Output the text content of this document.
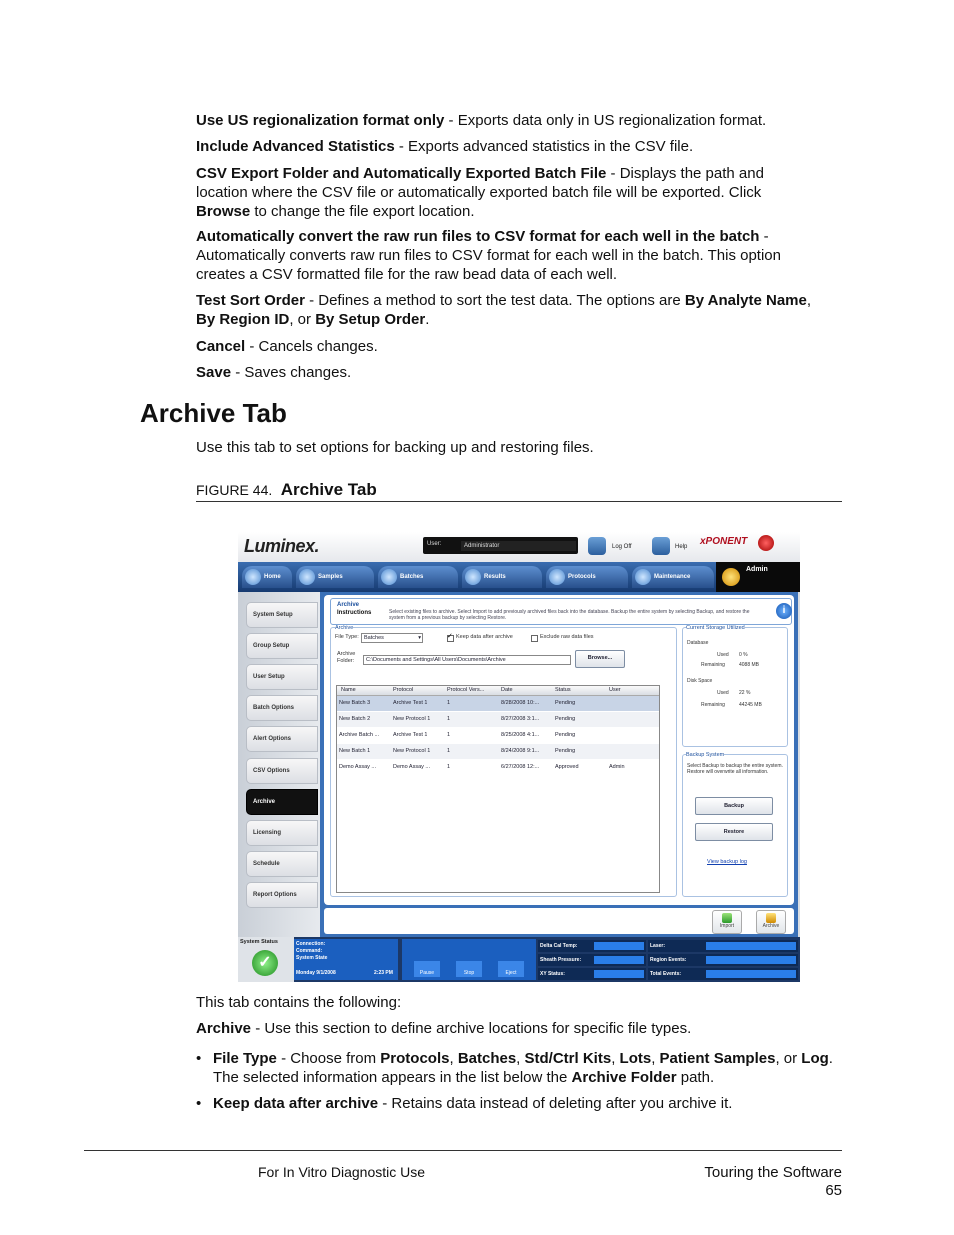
Use US regionalization format only - Exports data only in US regionalization format.

Include Advanced Statistics - Exports advanced statistics in the CSV file.

CSV Export Folder and Automatically Exported Batch File - Displays the path and location where the CSV file or automatically exported batch file will be exported. Click Browse to change the file export location.

Automatically convert the raw run files to CSV format for each well in the batch - Automatically converts raw run files to CSV format for each well in the batch. This option creates a CSV formatted file for the raw bead data of each well.

Test Sort Order - Defines a method to sort the test data. The options are By Analyte Name,
By Region ID, or By Setup Order.

Cancel - Cancels changes.

Save - Saves changes.

Archive Tab

Use this tab to set options for backing up and restoring files.

FIGURE 44. Archive Tab
Luminex.	User:	Administrator	Log Off	Help xPONENT
Home	Samples	Batches	Results	Protocols	Maintenance
Admin
System Setup
Group Setup
User Setup
Batch Options
Alert Options
CSV Options
Archive
Licensing
Schedule
Report Options
Archive
Instructions	Select existing files to archive. Select Import to add previously archived files back into the database. Backup the entire system by selecting Backup, and restore the system from a previous backup by selecting Restore.
i
Archive
File Type: Batches	▾
✓	Keep data after archive	Exclude raw data files
Archive Folder:	C:\Documents and Settings\All Users\Documents\Archive	Browse...
Name	Protocol	Protocol Vers...	Date	Status	User
New Batch 3	Archive Test 1	1	8/28/2008 10:...	Pending
New Batch 2	New Protocol 1	1	8/27/2008 3:1...	Pending
Archive Batch ...	Archive Test 1	1	8/25/2008 4:1...	Pending
New Batch 1	New Protocol 1	1	8/24/2008 9:1...	Pending
Demo Assay ...	Demo Assay ...	1	6/27/2008 12:...	Approved	Admin
Current Storage Utilized
Database
Used 0 %
Remaining	4088 MB
Disk Space
Used 22 %
Remaining	44245 MB
Backup System
Select Backup to backup the entire system. Restore will overwrite all information.
Backup
Restore
View backup log
Import	Archive
System Status
✓
Connection:
Command:
System State
Monday 9/1/2008	2:23 PM	Pause	Stop	Eject
Delta Cal Temp:
Sheath Pressure:
XY Status:
Laser:
Region Events:
Total Events:

This tab contains the following:

Archive - Use this section to define archive locations for specific file types.

• File Type - Choose from Protocols, Batches, Std/Ctrl Kits, Lots, Patient Samples, or Log. The selected information appears in the list below the Archive Folder path.
• Keep data after archive - Retains data instead of deleting after you archive it.
For In Vitro Diagnostic Use	Touring the Software
65
